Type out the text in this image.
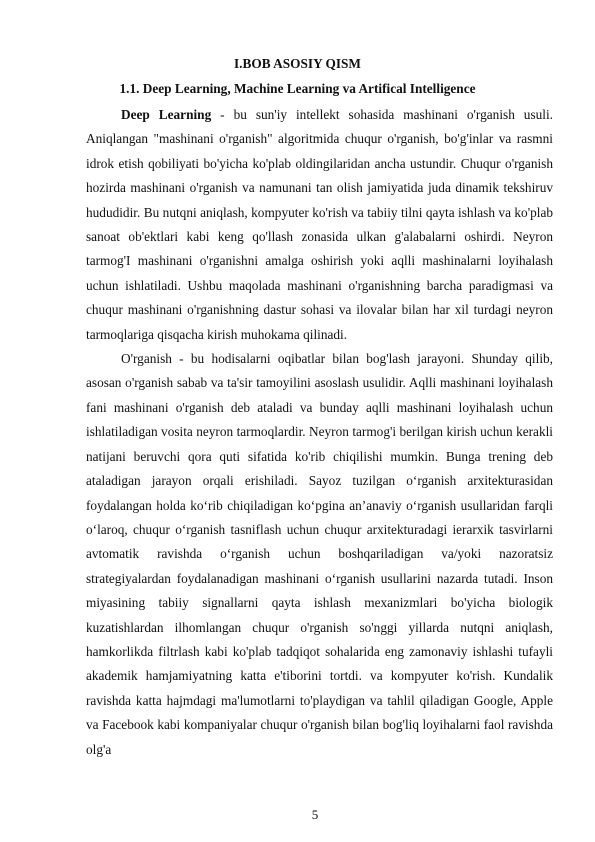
I.BOB ASOSIY QISM
1.1. Deep Learning, Machine Learning va Artifical Intelligence

Deep Learning - bu sun'iy intellekt sohasida mashinani o'rganish usuli. Aniqlangan "mashinani o'rganish" algoritmida chuqur o'rganish, bo'g'inlar va rasmni idrok etish qobiliyati bo'yicha ko'plab oldingilaridan ancha ustundir. Chuqur o'rganish hozirda mashinani o'rganish va namunani tan olish jamiyatida juda dinamik tekshiruv hududidir. Bu nutqni aniqlash, kompyuter ko'rish va tabiiy tilni qayta ishlash va ko'plab sanoat ob'ektlari kabi keng qo'llash zonasida ulkan g'alabalarni oshirdi. Neyron tarmog'I mashinani o'rganishni amalga oshirish yoki aqlli mashinalarni loyihalash uchun ishlatiladi. Ushbu maqolada mashinani o'rganishning barcha paradigmasi va chuqur mashinani o'rganishning dastur sohasi va ilovalar bilan har xil turdagi neyron tarmoqlariga qisqacha kirish muhokama qilinadi.

O'rganish - bu hodisalarni oqibatlar bilan bog'lash jarayoni. Shunday qilib, asosan o'rganish sabab va ta'sir tamoyilini asoslash usulidir. Aqlli mashinani loyihalash fani mashinani o'rganish deb ataladi va bunday aqlli mashinani loyihalash uchun ishlatiladigan vosita neyron tarmoqlardir. Neyron tarmog'i berilgan kirish uchun kerakli natijani beruvchi qora quti sifatida ko'rib chiqilishi mumkin. Bunga trening deb ataladigan jarayon orqali erishiladi. Sayoz tuzilgan o‘rganish arxitekturasidan foydalangan holda ko‘rib chiqiladigan ko‘pgina an’anaviy o‘rganish usullaridan farqli o‘laroq, chuqur o‘rganish tasniflash uchun chuqur arxitekturadagi ierarxik tasvirlarni avtomatik ravishda o‘rganish uchun boshqariladigan va/yoki nazoratsiz strategiyalardan foydalanadigan mashinani o‘rganish usullarini nazarda tutadi. Inson miyasining tabiiy signallarni qayta ishlash mexanizmlari bo'yicha biologik kuzatishlardan ilhomlangan chuqur o'rganish so'nggi yillarda nutqni aniqlash, hamkorlikda filtrlash kabi ko'plab tadqiqot sohalarida eng zamonaviy ishlashi tufayli akademik hamjamiyatning katta e'tiborini tortdi. va kompyuter ko'rish. Kundalik ravishda katta hajmdagi ma'lumotlarni to'playdigan va tahlil qiladigan Google, Apple va Facebook kabi kompaniyalar chuqur o'rganish bilan bog'liq loyihalarni faol ravishda olg'a

5
